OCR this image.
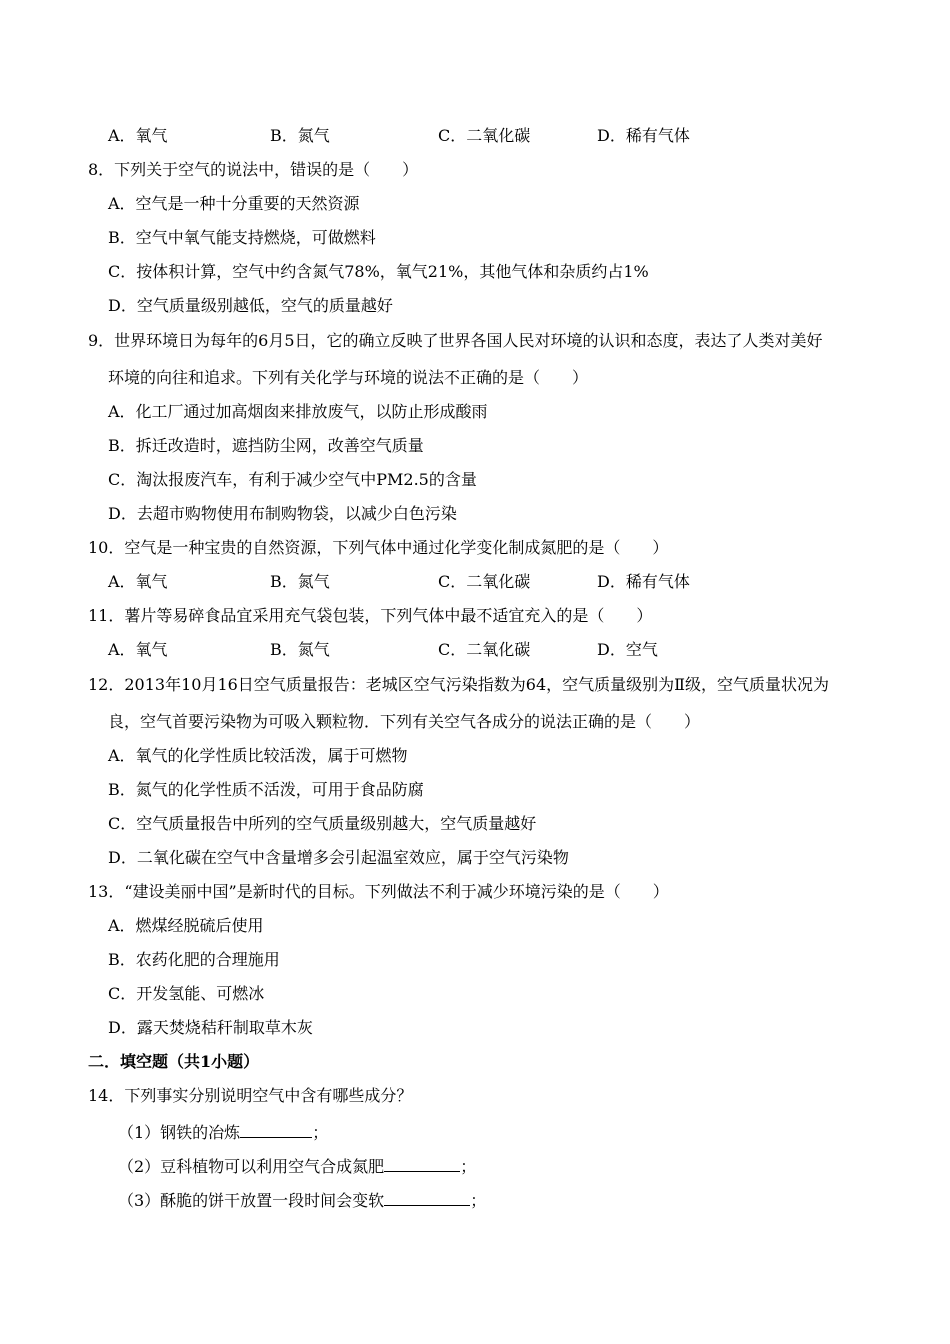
A．氧气	B．氮气	C．二氧化碳	D．稀有气体
8．下列关于空气的说法中，错误的是（　　）
A．空气是一种十分重要的天然资源
B．空气中氧气能支持燃烧，可做燃料
C．按体积计算，空气中约含氮气78%，氧气21%，其他气体和杂质约占1%
D．空气质量级别越低，空气的质量越好
9．世界环境日为每年的6月5日，它的确立反映了世界各国人民对环境的认识和态度，表达了人类对美好
环境的向往和追求。下列有关化学与环境的说法不正确的是（　　）
A．化工厂通过加高烟囱来排放废气，以防止形成酸雨
B．拆迁改造时，遮挡防尘网，改善空气质量
C．淘汰报废汽车，有利于减少空气中PM2.5的含量
D．去超市购物使用布制购物袋，以减少白色污染
10．空气是一种宝贵的自然资源，下列气体中通过化学变化制成氮肥的是（　　）
A．氧气	B．氮气	C．二氧化碳	D．稀有气体
11．薯片等易碎食品宜采用充气袋包装，下列气体中最不适宜充入的是（　　）
A．氧气	B．氮气	C．二氧化碳	D．空气
12．2013年10月16日空气质量报告：老城区空气污染指数为64，空气质量级别为Ⅱ级，空气质量状况为
良，空气首要污染物为可吸入颗粒物．下列有关空气各成分的说法正确的是（　　）
A．氧气的化学性质比较活泼，属于可燃物
B．氮气的化学性质不活泼，可用于食品防腐
C．空气质量报告中所列的空气质量级别越大，空气质量越好
D．二氧化碳在空气中含量增多会引起温室效应，属于空气污染物
13．“建设美丽中国”是新时代的目标。下列做法不利于减少环境污染的是（　　）
A．燃煤经脱硫后使用
B．农药化肥的合理施用
C．开发氢能、可燃冰
D．露天焚烧秸秆制取草木灰
二．填空题（共1小题）
14．下列事实分别说明空气中含有哪些成分？
（1）钢铁的冶炼	；
（2）豆科植物可以利用空气合成氮肥	；
（3）酥脆的饼干放置一段时间会变软	；
